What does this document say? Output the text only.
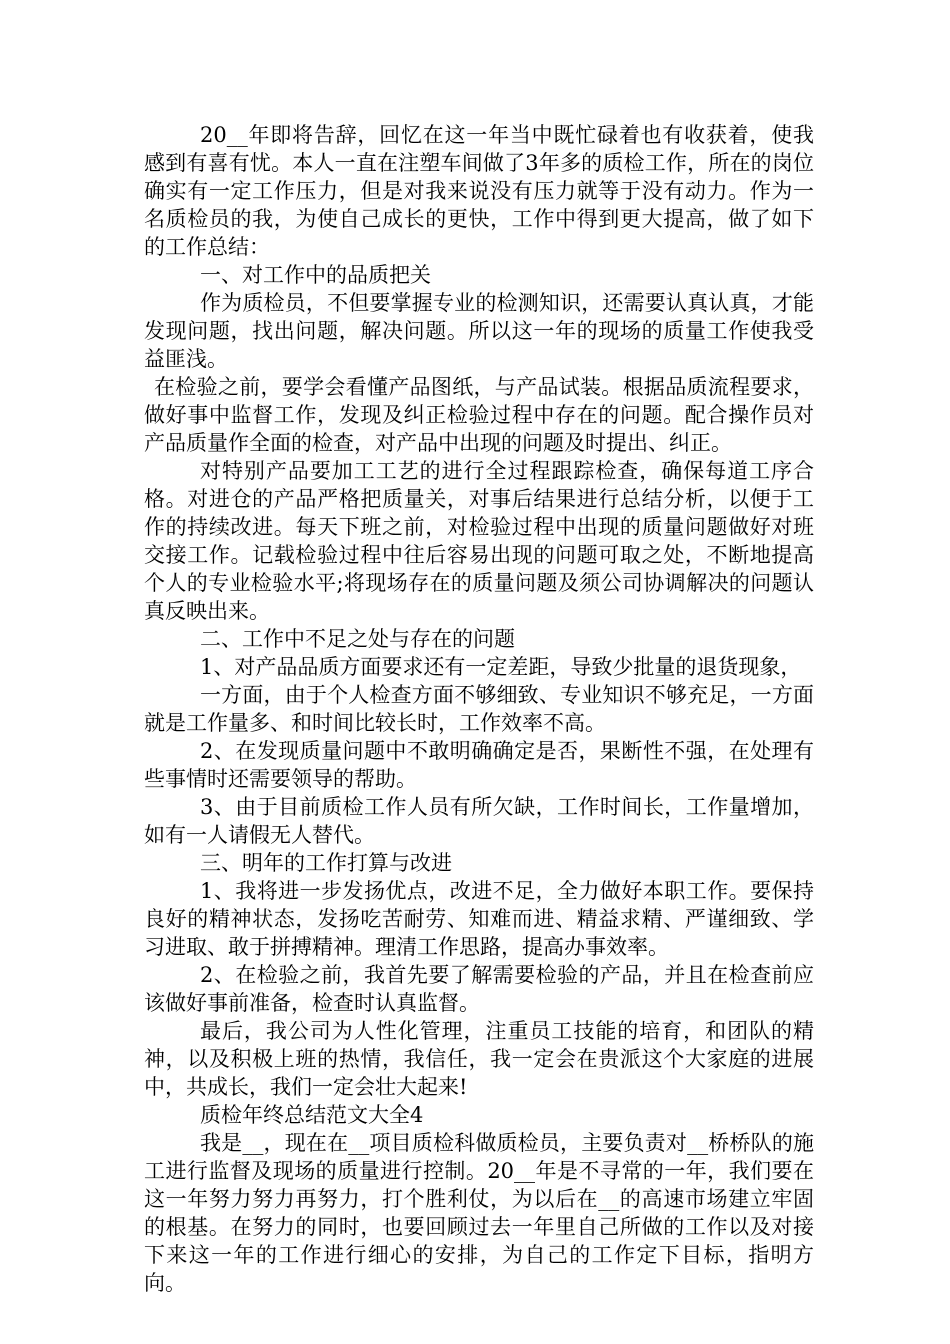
20__年即将告辞，回忆在这一年当中既忙碌着也有收获着，使我感到有喜有忧。本人一直在注塑车间做了3年多的质检工作，所在的岗位确实有一定工作压力，但是对我来说没有压力就等于没有动力。作为一名质检员的我，为使自己成长的更快，工作中得到更大提高，做了如下的工作总结：

一、对工作中的品质把关

作为质检员，不但要掌握专业的检测知识，还需要认真认真，才能发现问题，找出问题，解决问题。所以这一年的现场的质量工作使我受益匪浅。

在检验之前，要学会看懂产品图纸，与产品试装。根据品质流程要求，做好事中监督工作，发现及纠正检验过程中存在的问题。配合操作员对产品质量作全面的检查，对产品中出现的问题及时提出、纠正。

对特别产品要加工工艺的进行全过程跟踪检查，确保每道工序合格。对进仓的产品严格把质量关，对事后结果进行总结分析，以便于工作的持续改进。每天下班之前，对检验过程中出现的质量问题做好对班交接工作。记载检验过程中往后容易出现的问题可取之处，不断地提高个人的专业检验水平;将现场存在的质量问题及须公司协调解决的问题认真反映出来。

二、工作中不足之处与存在的问题

1、对产品品质方面要求还有一定差距，导致少批量的退货现象，

一方面，由于个人检查方面不够细致、专业知识不够充足，一方面就是工作量多、和时间比较长时，工作效率不高。

2、在发现质量问题中不敢明确确定是否，果断性不强，在处理有些事情时还需要领导的帮助。

3、由于目前质检工作人员有所欠缺，工作时间长，工作量增加，如有一人请假无人替代。

三、明年的工作打算与改进

1、我将进一步发扬优点，改进不足，全力做好本职工作。要保持良好的精神状态，发扬吃苦耐劳、知难而进、精益求精、严谨细致、学习进取、敢于拼搏精神。理清工作思路，提高办事效率。

2、在检验之前，我首先要了解需要检验的产品，并且在检查前应该做好事前准备，检查时认真监督。

最后，我公司为人性化管理，注重员工技能的培育，和团队的精神，以及积极上班的热情，我信任，我一定会在贵派这个大家庭的进展中，共成长，我们一定会壮大起来!

质检年终总结范文大全4

我是__，现在在__项目质检科做质检员，主要负责对__桥桥队的施工进行监督及现场的质量进行控制。20__年是不寻常的一年，我们要在这一年努力努力再努力，打个胜利仗，为以后在__的高速市场建立牢固的根基。在努力的同时，也要回顾过去一年里自己所做的工作以及对接下来这一年的工作进行细心的安排，为自己的工作定下目标，指明方向。
